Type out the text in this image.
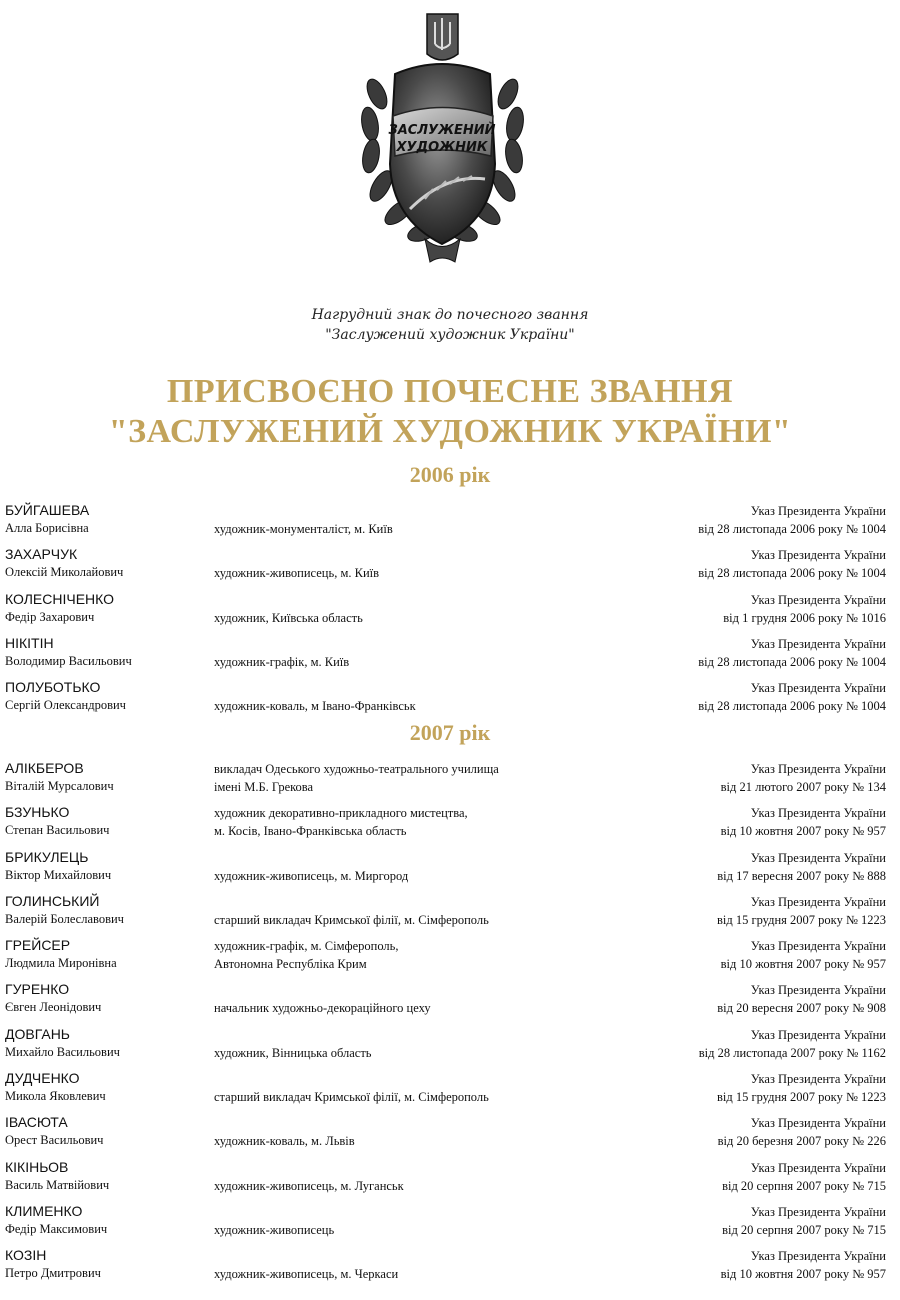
ЗАСЛУЖЕНИЙ
ХУДОЖНИК
Нагрудний знак до почесного звання
"Заслужений художник України"
ПРИСВОЄНО ПОЧЕСНЕ ЗВАННЯ
"ЗАСЛУЖЕНИЙ ХУДОЖНИК УКРАЇНИ"
2006 рік
БУЙГАШЕВА
Алла Борисівна	художник-монументаліст, м. Київ
Указ Президента України
від 28 листопада 2006 року № 1004
ЗАХАРЧУК
Олексій Миколайович	художник-живописець, м. Київ
Указ Президента України
від 28 листопада 2006 року № 1004
КОЛЕСНІЧЕНКО
Федір Захарович	художник, Київська область
Указ Президента України
від 1 грудня 2006 року № 1016
НІКІТІН
Володимир Васильович	художник-графік, м. Київ
Указ Президента України
від 28 листопада 2006 року № 1004
ПОЛУБОТЬКО
Сергій Олександрович	художник-коваль, м Івано-Франківськ
Указ Президента України
від 28 листопада 2006 року № 1004
2007 рік
АЛІКБЕРОВ
Віталій Мурсалович
викладач Одеського художньо-театрального училища
імені М.Б. Грекова
Указ Президента України
від 21 лютого 2007 року № 134
БЗУНЬКО
Степан Васильович
художник декоративно-прикладного мистецтва,
м. Косів, Івано-Франківська область
Указ Президента України
від 10 жовтня 2007 року № 957
БРИКУЛЕЦЬ
Віктор Михайлович	художник-живописець, м. Миргород
Указ Президента України
від 17 вересня 2007 року № 888
ГОЛИНСЬКИЙ
Валерій Болеславович	старший викладач Кримської філії, м. Сімферополь
Указ Президента України
від 15 грудня 2007 року № 1223
ГРЕЙСЕР
Людмила Миронівна
художник-графік, м. Сімферополь,
Автономна Республіка Крим
Указ Президента України
від 10 жовтня 2007 року № 957
ГУРЕНКО
Євген Леонідович	начальник художньо-декораційного цеху
Указ Президента України
від 20 вересня 2007 року № 908
ДОВГАНЬ
Михайло Васильович	художник, Вінницька область
Указ Президента України
від 28 листопада 2007 року № 1162
ДУДЧЕНКО
Микола Яковлевич	старший викладач Кримської філії, м. Сімферополь
Указ Президента України
від 15 грудня 2007 року № 1223
ІВАСЮТА
Орест Васильович	художник-коваль, м. Львів
Указ Президента України
від 20 березня 2007 року № 226
КІКІНЬОВ
Василь Матвійович	художник-живописець, м. Луганськ
Указ Президента України
від 20 серпня 2007 року № 715
КЛИМЕНКО
Федір Максимович	художник-живописець
Указ Президента України
від 20 серпня 2007 року № 715
КОЗІН
Петро Дмитрович	художник-живописець, м. Черкаси
Указ Президента України
від 10 жовтня 2007 року № 957
